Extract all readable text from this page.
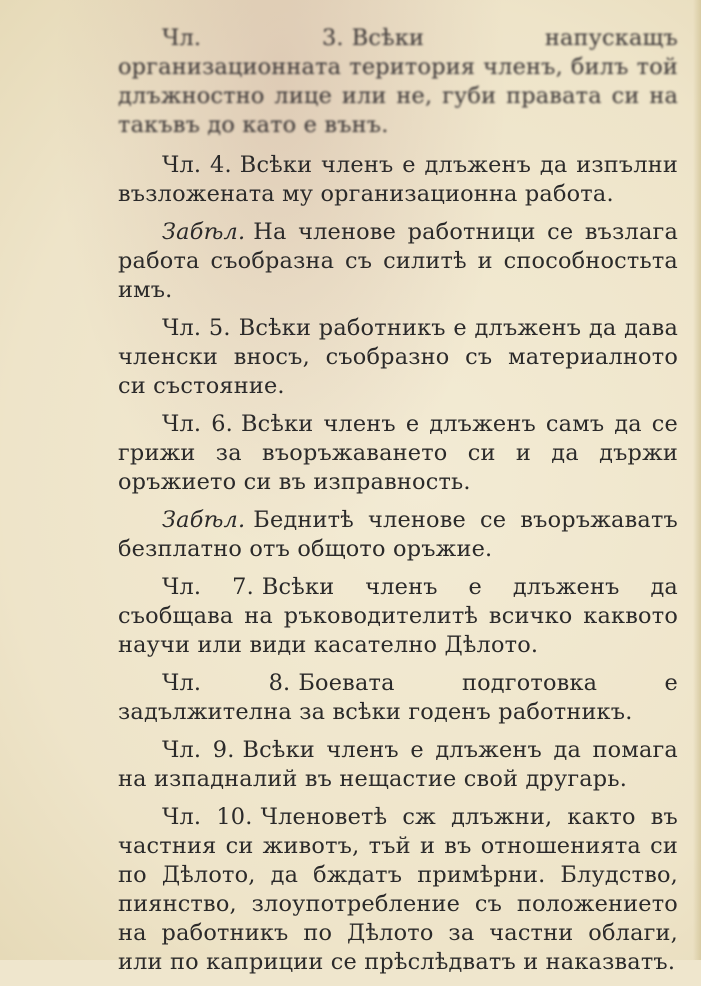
Чл. 3. Всѣки напускащъ организационната територия членъ, билъ той длъжностно лице или не, губи правата си на такъвъ до като е вънъ.

Чл. 4. Всѣки членъ е длъженъ да изпълни възложената му организационна работа.

Забѣл. На членове работници се възлага работа съобразна съ силитѣ и способностьта имъ.

Чл. 5. Всѣки работникъ е длъженъ да дава членски вносъ, съобразно съ материалното си състояние.

Чл. 6. Всѣки членъ е длъженъ самъ да се грижи за въоръжаването си и да държи оръжието си въ изправность.

Забѣл. Беднитѣ членове се въоръжаватъ безплатно отъ общото оръжие.

Чл. 7. Всѣки членъ е длъженъ да съобщава на ръководителитѣ всичко каквото научи или види касателно Дѣлото.

Чл. 8. Боевата подготовка е задължителна за всѣки годенъ работникъ.

Чл. 9. Всѣки членъ е длъженъ да помага на изпадналий въ нещастие свой другарь.

Чл. 10. Членоветѣ сж длъжни, както въ частния си животъ, тъй и въ отношенията си по Дѣлото, да бждатъ примѣрни. Блудство, пиянство, злоупотребление съ положението на работникъ по Дѣлото за частни облаги, или по каприции се прѣслѣдватъ и наказватъ.
